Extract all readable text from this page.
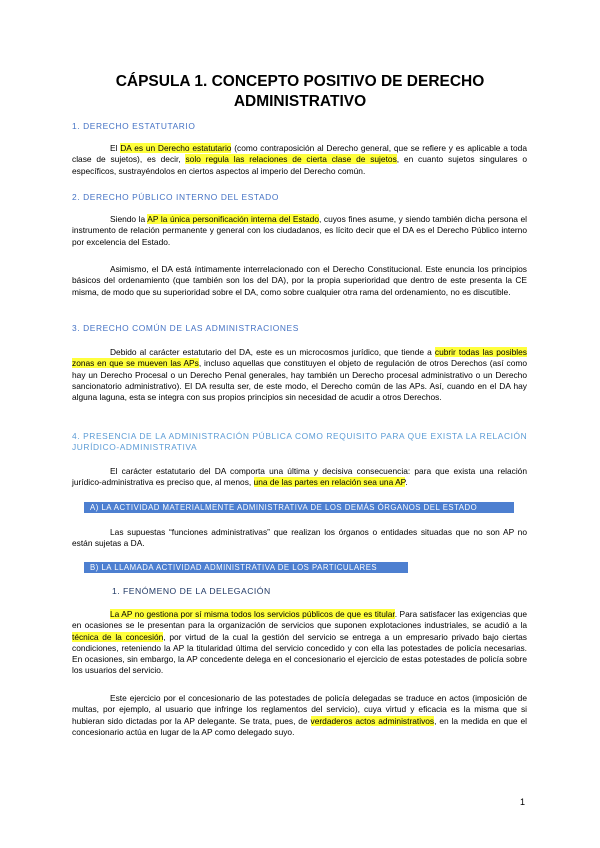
CÁPSULA 1. CONCEPTO POSITIVO DE DERECHO
ADMINISTRATIVO

1. DERECHO ESTATUTARIO

El DA es un Derecho estatutario (como contraposición al Derecho general, que se refiere y es aplicable a toda clase de sujetos), es decir, solo regula las relaciones de cierta clase de sujetos, en cuanto sujetos singulares o específicos, sustrayéndolos en ciertos aspectos al imperio del Derecho común.

2. DERECHO PÚBLICO INTERNO DEL ESTADO

Siendo la AP la única personificación interna del Estado, cuyos fines asume, y siendo también dicha persona el instrumento de relación permanente y general con los ciudadanos, es lícito decir que el DA es el Derecho Público interno por excelencia del Estado.

Asimismo, el DA está íntimamente interrelacionado con el Derecho Constitucional. Este enuncia los principios básicos del ordenamiento (que también son los del DA), por la propia superioridad que dentro de este presenta la CE misma, de modo que su superioridad sobre el DA, como sobre cualquier otra rama del ordenamiento, no es discutible.

3. DERECHO COMÚN DE LAS ADMINISTRACIONES

Debido al carácter estatutario del DA, este es un microcosmos jurídico, que tiende a cubrir todas las posibles zonas en que se mueven las APs, incluso aquellas que constituyen el objeto de regulación de otros Derechos (así como hay un Derecho Procesal o un Derecho Penal generales, hay también un Derecho procesal administrativo o un Derecho sancionatorio administrativo). El DA resulta ser, de este modo, el Derecho común de las APs. Así, cuando en el DA hay alguna laguna, esta se integra con sus propios principios sin necesidad de acudir a otros Derechos.

4. PRESENCIA DE LA ADMINISTRACIÓN PÚBLICA COMO REQUISITO PARA QUE EXISTA LA RELACIÓN
JURÍDICO-ADMINISTRATIVA

El carácter estatutario del DA comporta una última y decisiva consecuencia: para que exista una relación jurídico-administrativa es preciso que, al menos, una de las partes en relación sea una AP.

A) LA ACTIVIDAD MATERIALMENTE ADMINISTRATIVA DE LOS DEMÁS ÓRGANOS DEL ESTADO

Las supuestas “funciones administrativas” que realizan los órganos o entidades situadas que no son AP no están sujetas a DA.

B) LA LLAMADA ACTIVIDAD ADMINISTRATIVA DE LOS PARTICULARES

1. FENÓMENO DE LA DELEGACIÓN

La AP no gestiona por sí misma todos los servicios públicos de que es titular. Para satisfacer las exigencias que en ocasiones se le presentan para la organización de servicios que suponen explotaciones industriales, se acudió a la técnica de la concesión, por virtud de la cual la gestión del servicio se entrega a un empresario privado bajo ciertas condiciones, reteniendo la AP la titularidad última del servicio concedido y con ella las potestades de policía necesarias. En ocasiones, sin embargo, la AP concedente delega en el concesionario el ejercicio de estas potestades de policía sobre los usuarios del servicio.

Este ejercicio por el concesionario de las potestades de policía delegadas se traduce en actos (imposición de multas, por ejemplo, al usuario que infringe los reglamentos del servicio), cuya virtud y eficacia es la misma que si hubieran sido dictadas por la AP delegante. Se trata, pues, de verdaderos actos administrativos, en la medida en que el concesionario actúa en lugar de la AP como delegado suyo.

1
